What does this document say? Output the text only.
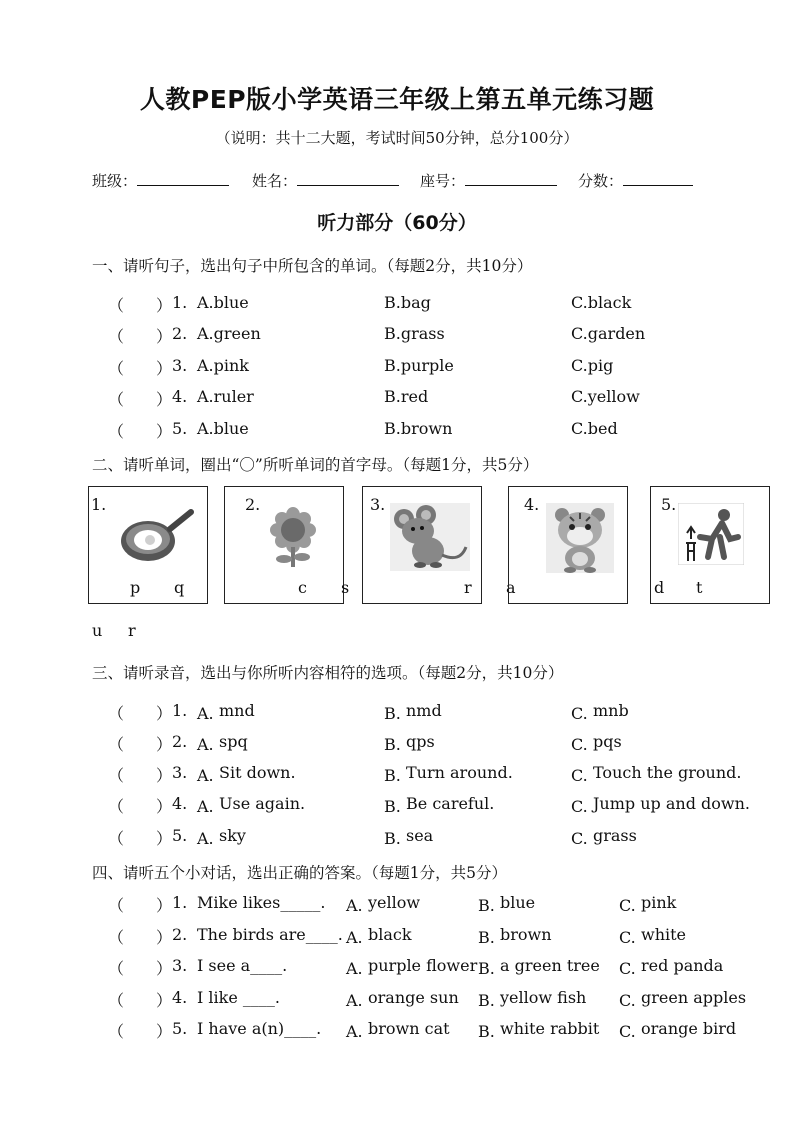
人教PEP版小学英语三年级上第五单元练习题
（说明：共十二大题，考试时间50分钟，总分100分）
班级：	姓名：	座号：	分数：
听力部分（60分）
一、请听句子，选出句子中所包含的单词。（每题2分，共10分）
二、请听单词，圈出“〇”所听单词的首字母。（每题1分，共5分）
1.
p q
2.
c s
3.
r a
4.	5.
d t
u r
三、请听录音，选出与你所听内容相符的选项。（每题2分，共10分）
四、请听五个小对话，选出正确的答案。（每题1分，共5分）
（　　） 1. A.blue	B.bag	C.black
（　　） 2. A.green	B.grass	C.garden
（　　） 3. A.pink	B.purple	C.pig
（　　） 4. A.ruler	B.red	C.yellow
（　　） 5. A.blue	B.brown	C.bed
（　　） 1. A. mnd	B. nmd	C. mnb
（　　） 2. A. spq	B. qps	C. pqs
（　　） 3. A. Sit down.	B. Turn around.	C. Touch the ground.
（　　） 4. A. Use again.	B. Be careful.	C. Jump up and down.
（　　） 5. A. sky	B. sea	C. grass
（　　） 1. Mike likes_____. A. yellow	B. blue	C. pink
（　　） 2. The birds are____. A. black	B. brown	C. white
（　　） 3. I see a____.	A. purple flower B. a green tree C. red panda
（　　） 4. I like ____.	A. orange sun B. yellow fish C. green apples
（　　） 5. I have a(n)____. A. brown cat B. white rabbit C. orange bird
